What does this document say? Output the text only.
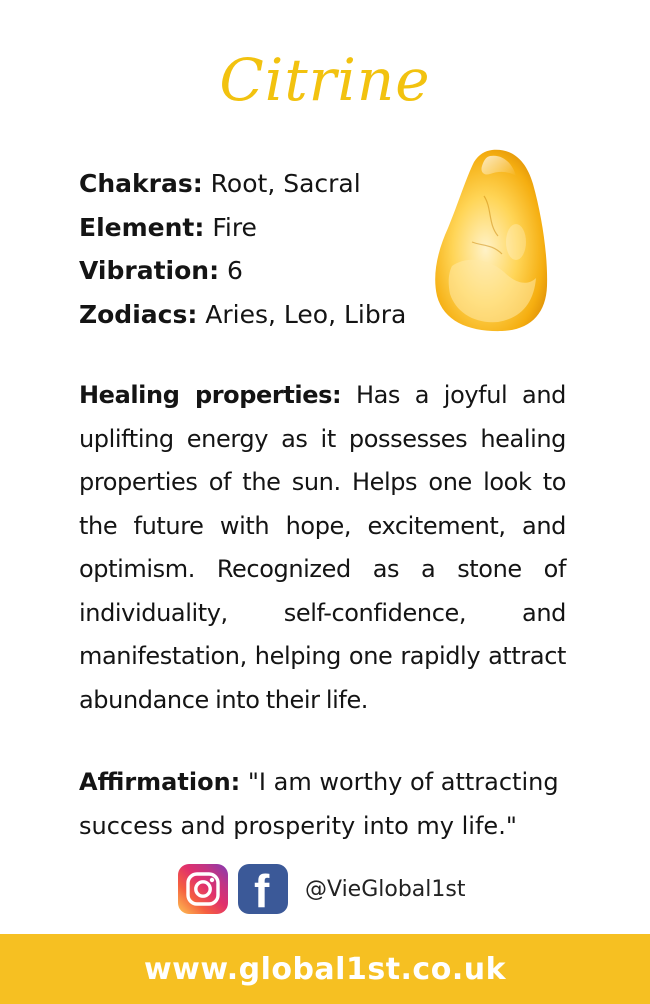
Citrine
Chakras: Root, Sacral
Element: Fire
Vibration: 6
Zodiacs: Aries, Leo, Libra
Healing properties: Has a joyful and uplifting energy as it possesses healing properties of the sun. Helps one look to the future with hope, excitement, and optimism. Recognized as a stone of individuality, self-confidence, and manifestation, helping one rapidly attract abundance into their life.
Affirmation: "I am worthy of attracting success and prosperity into my life."
f @VieGlobal1st
www.global1st.co.uk
